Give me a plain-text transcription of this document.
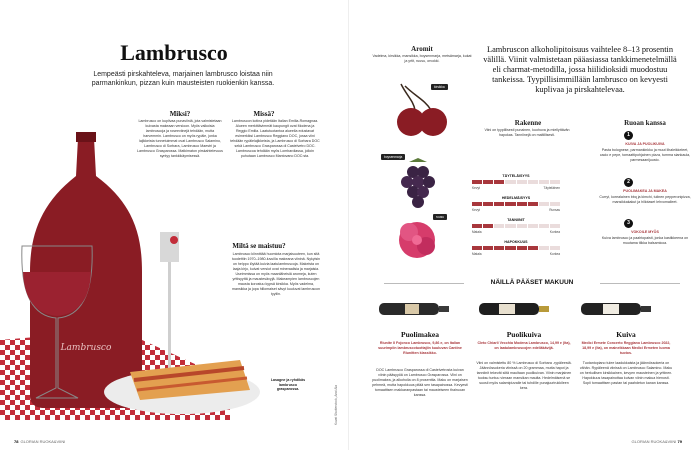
Lambrusco
Lambrusco
Lempeästi pirskahteleva, marjainen lambrusco loistaa niin parmankinkun, pizzan kuin mausteisten ruokienkin kanssa.
Miksi?
Lambrusco on kuplivaa punaviiniä, jota valmistetaan kuivasta makeaan versioon. Myös valkoisia lambruscoja ja roseeviinejä tehdään, mutta harvemmin. Lambrusco on myös rypäle, jonka lajikkeista tunnetuimmat ovat Lambrusco Salamino, Lambrusco di Sorbara, Lambrusco Maestri ja Lambrusco Grasparossa. Matkimaton pirskahtelevuus syntyy tankkikäymisessä.
Missä?
Lambruscon kotina pidetään Italian Emilia-Romagnaa. Alueen merkittävimmät kaupungit ovat Modena ja Reggio Emilia. Laatutuotantoa alueella edustavat esimerkiksi Lambrusco Reggiano DOC, jossa viini tehdään rypälelajikkeista, ja Lambrusco di Sorbara DOC sekä Lambrusco Grasparossa di Castelvetro DOC. Lambruscoa tehdään myös Lombardiassa, jolloin puhutaan Lambrusco Mantovano DOC:sta.
Miltä se maistuu?
Lambrusco kiinnittää huomiota marjaisuuteen, kun sitä tuodettiin 1970–1980-luvuilla makeana viininä. Nykyisin on helppo löytää kuivia laatulambruscoja. Makeista on laaja kirjo, kuivat versiot ovat mineraalisia ja marjaisia. Useimmissa on myös maanläheisiä aromeja, kuten yrttisyyttä ja maustesävyjä. Makeampien lambruscojen mausta korostuu kypsä kirsikka. Myös vadelma, mansikka ja jopa hillomaiset sävyt kuuluvat lambruscon tyyliin.
Lasagne ja ryhdikäs lambrusco grasparossa.	Kuvat Shutterstock, Anni Ala
78 GLORIAN RUOKA&VIINI
kirsikka
boysenmarja
ruusu
Aromit
Vadelma, kirsikka, mansikka, boysenmarja, metsämarja, kukat ja yrtit, ruusu, orvokki.
Lambruscon alkoholipitoisuus vaihtelee 8–13 prosentin välillä. Viinit valmistetaan pääasiassa tankkimenetelmällä eli charmat-metodilla, jossa hiilidioksidi muodostuu tankeissa. Tyypillisimmillään lambrusco on kevyesti kuplivaa ja pirskahtelevaa.
Rakenne
Viini on tyypillisesti punainen, kuohuva ja miellyttävän hapokas. Tanniinejä on maltillisesti.
TÄYTELÄISYYS
Kevyt	Täyteläinen
HEDELMÄISYYS
Kevyt	Runsas
TANNIINIT
Matala	Korkea
HAPOKKUUS
Matala	Korkea
Ruoan kanssa
1
KUIVA JA PUOLIKUIVA
Pasta bolognese, parmankinkku ja muut lihaleikkeleet, cacio e pepe, tomaattipohjainen pizza, tumma siankaula, parmesaanijuusto.
2
PUOLIMAKEA JA MAKEA
Curryt, korealainen bbq ja kimchi, tulinen pepperonipizza, mansikkakakut ja hillotaset lehvomalleet.
3
VOKOILE MYÖS
Kuiva lambrusco ja paahtopaisti, jonka kastikkeena on muutama tilkka balsamicoa.
NÄILLÄ PÄÄSET MAKUUN
Puolimakea
Riunite II Fojonco Lambrusco, 9,86 e, on Italian suurimpiin lambruscotuottajiin kuuluvan Cantine Riunitten klassikko.
DOC Lambrusco Grasparossa di Castelvetrosta kuivan viinin pääsyyöä on Lambrusco Grasparossa. Viini on puolimakea, ja alkoholia on 8 prosenttia. Maku on marjaisen pehmeä, mutta hapokkuus pitää sen tasapainossa. Kevyesti tomaattisen makkaranpastaan tai mausteiseen thairuoan kanssa.
Puolikuiva
Cleto Chiarli Vecchia Modena Lambrusco, 14,99 e (lta), on laatulambruscojen edelläkävijä.
Viini on valmistettu 80 % Lambrusco di Sorbara -rypäleestä. Jäännössokeria viinissä on 20 grammaa, mutta hapot ja tanniinit tekevät siitä maultaan puolikuivan. Viinin marjainen tuoksu tuntuu vieraan mansikan maulta. Hedelmäisenä se suosii myös salamipizzalle tai tuhdille punajuurirukkileen kera.
Kuiva
Medici Ermete Concerto Reggiano Lambrusco 2022, 18,99 e (lta), on maineikkaan Medici Ermeten luoma tuotos.
Tuotantopiano tulee laadukkaista ja jäännössokeria on vähän. Rypäleenä viinissä on Lambrusco Salamino. Maku on herkullisen kirsikkainen, kevyen mausteinen ja yrttinen. Hapokkuus tasapainottaa kuivan viinin makua hienosti. Sopii tomaattisen pastan tai paahdetun kanan kanssa.
GLORIAN RUOKA&VIINI 79
